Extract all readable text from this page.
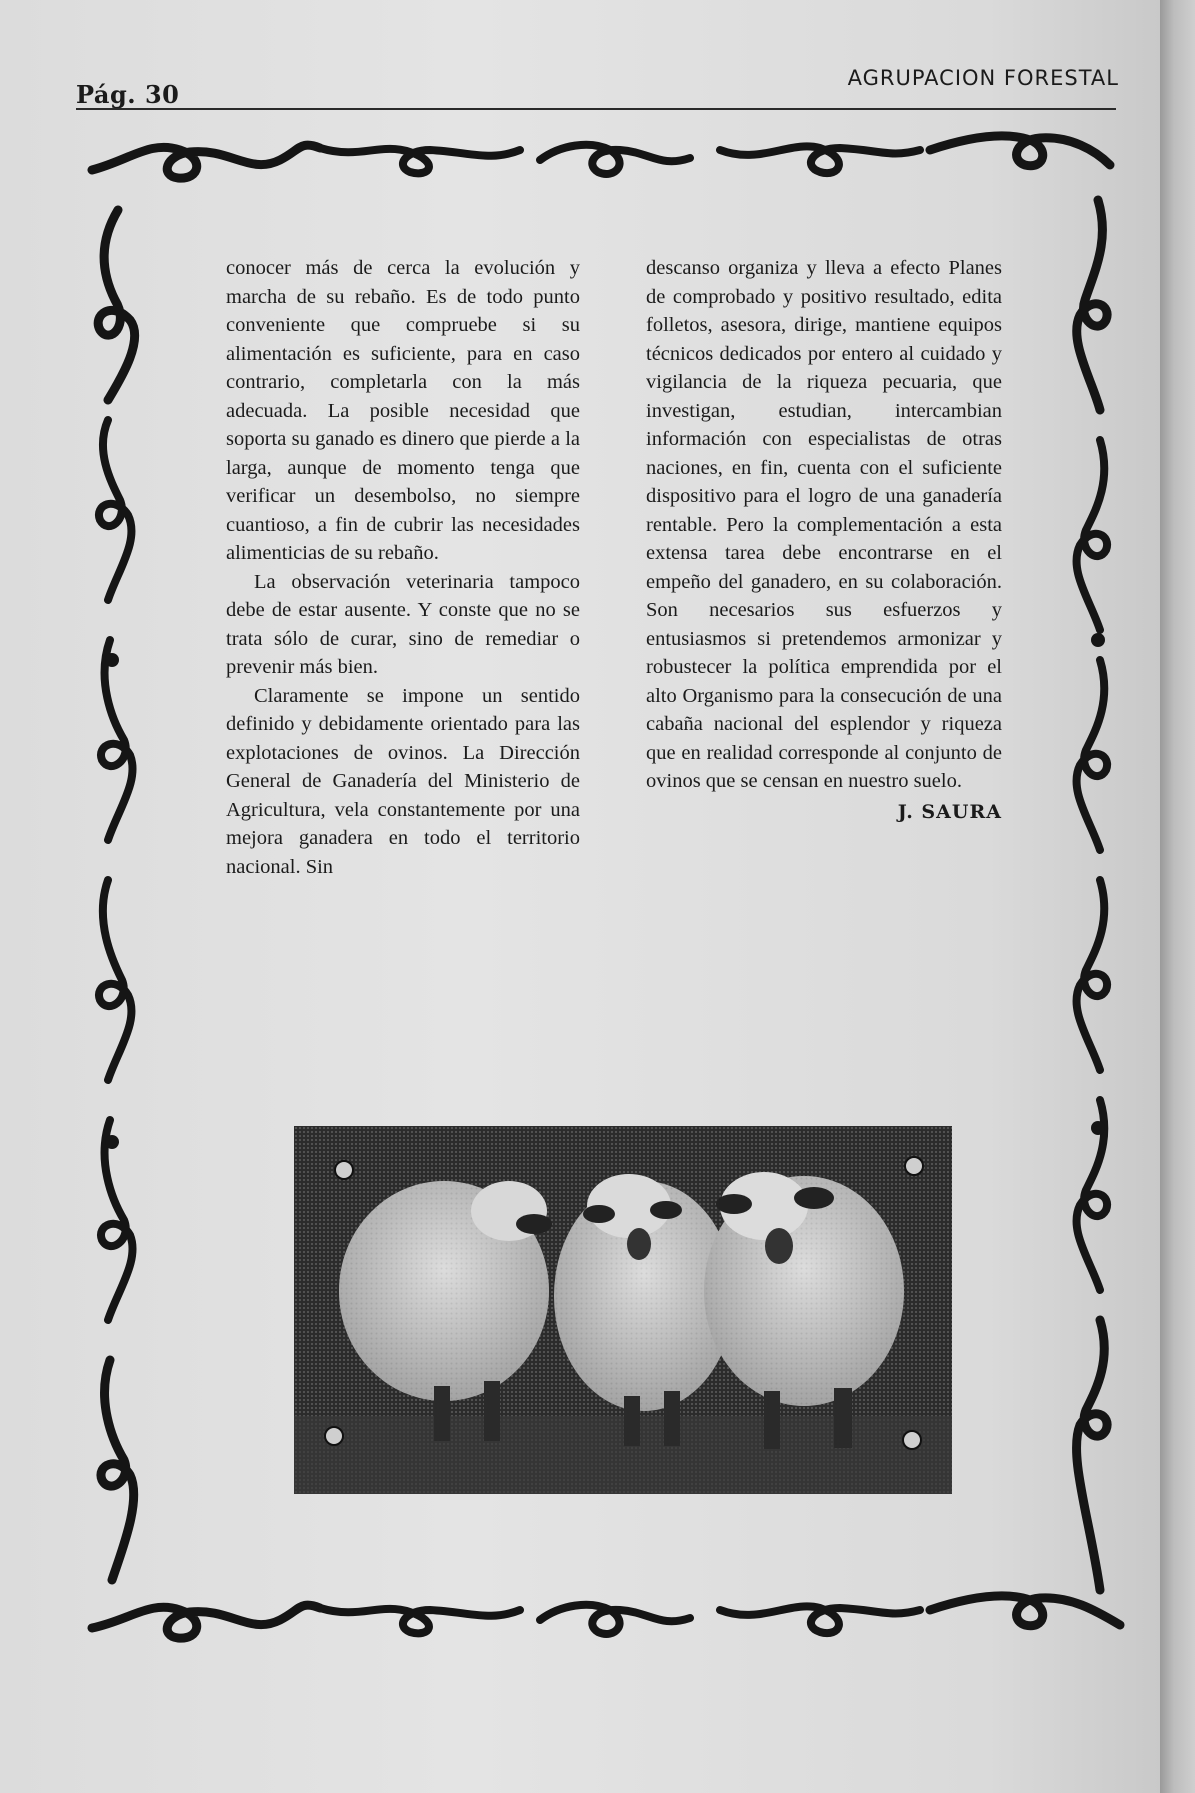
Pág. 30
AGRUPACION FORESTAL

conocer más de cerca la evolución y marcha de su rebaño. Es de todo punto conveniente que compruebe si su alimentación es suficiente, para en caso contrario, completarla con la más adecuada. La posible necesidad que soporta su ganado es dinero que pierde a la larga, aunque de momento tenga que verificar un desembolso, no siempre cuantioso, a fin de cubrir las necesidades alimenticias de su rebaño.

La observación veterinaria tampoco debe de estar ausente. Y conste que no se trata sólo de curar, sino de remediar o prevenir más bien.

Claramente se impone un sentido definido y debidamente orientado para las explotaciones de ovinos. La Dirección General de Ganadería del Ministerio de Agricultura, vela constantemente por una mejora ganadera en todo el territorio nacional. Sin

descanso organiza y lleva a efecto Planes de comprobado y positivo resultado, edita folletos, asesora, dirige, mantiene equipos técnicos dedicados por entero al cuidado y vigilancia de la riqueza pecuaria, que investigan, estudian, intercambian información con especialistas de otras naciones, en fin, cuenta con el suficiente dispositivo para el logro de una ganadería rentable. Pero la complementación a esta extensa tarea debe encontrarse en el empeño del ganadero, en su colaboración. Son necesarios sus esfuerzos y entusiasmos si pretendemos armonizar y robustecer la política emprendida por el alto Organismo para la consecución de una cabaña nacional del esplendor y riqueza que en realidad corresponde al conjunto de ovinos que se censan en nuestro suelo.

J. SAURA
